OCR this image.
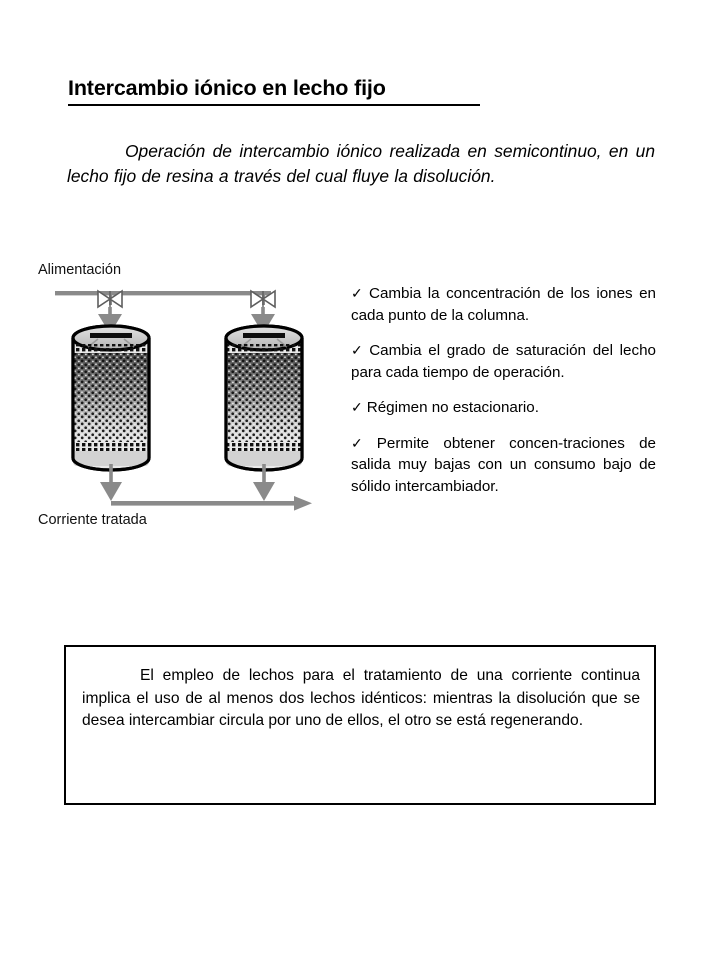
Intercambio iónico en lecho fijo
Operación de intercambio iónico realizada en semicontinuo, en un lecho fijo de resina a través del cual fluye la disolución.
Alimentación
Corriente tratada
✓ Cambia la concentración de los iones en cada punto de la columna.
✓ Cambia el grado de saturación del lecho para cada tiempo de operación.
✓ Régimen no estacionario.
✓ Permite obtener concen-traciones de salida muy bajas con un consumo bajo de sólido intercambiador.
El empleo de lechos para el tratamiento de una corriente continua implica el uso de al menos dos lechos idénticos: mientras la disolución que se desea intercambiar circula por uno de ellos, el otro se está regenerando.
